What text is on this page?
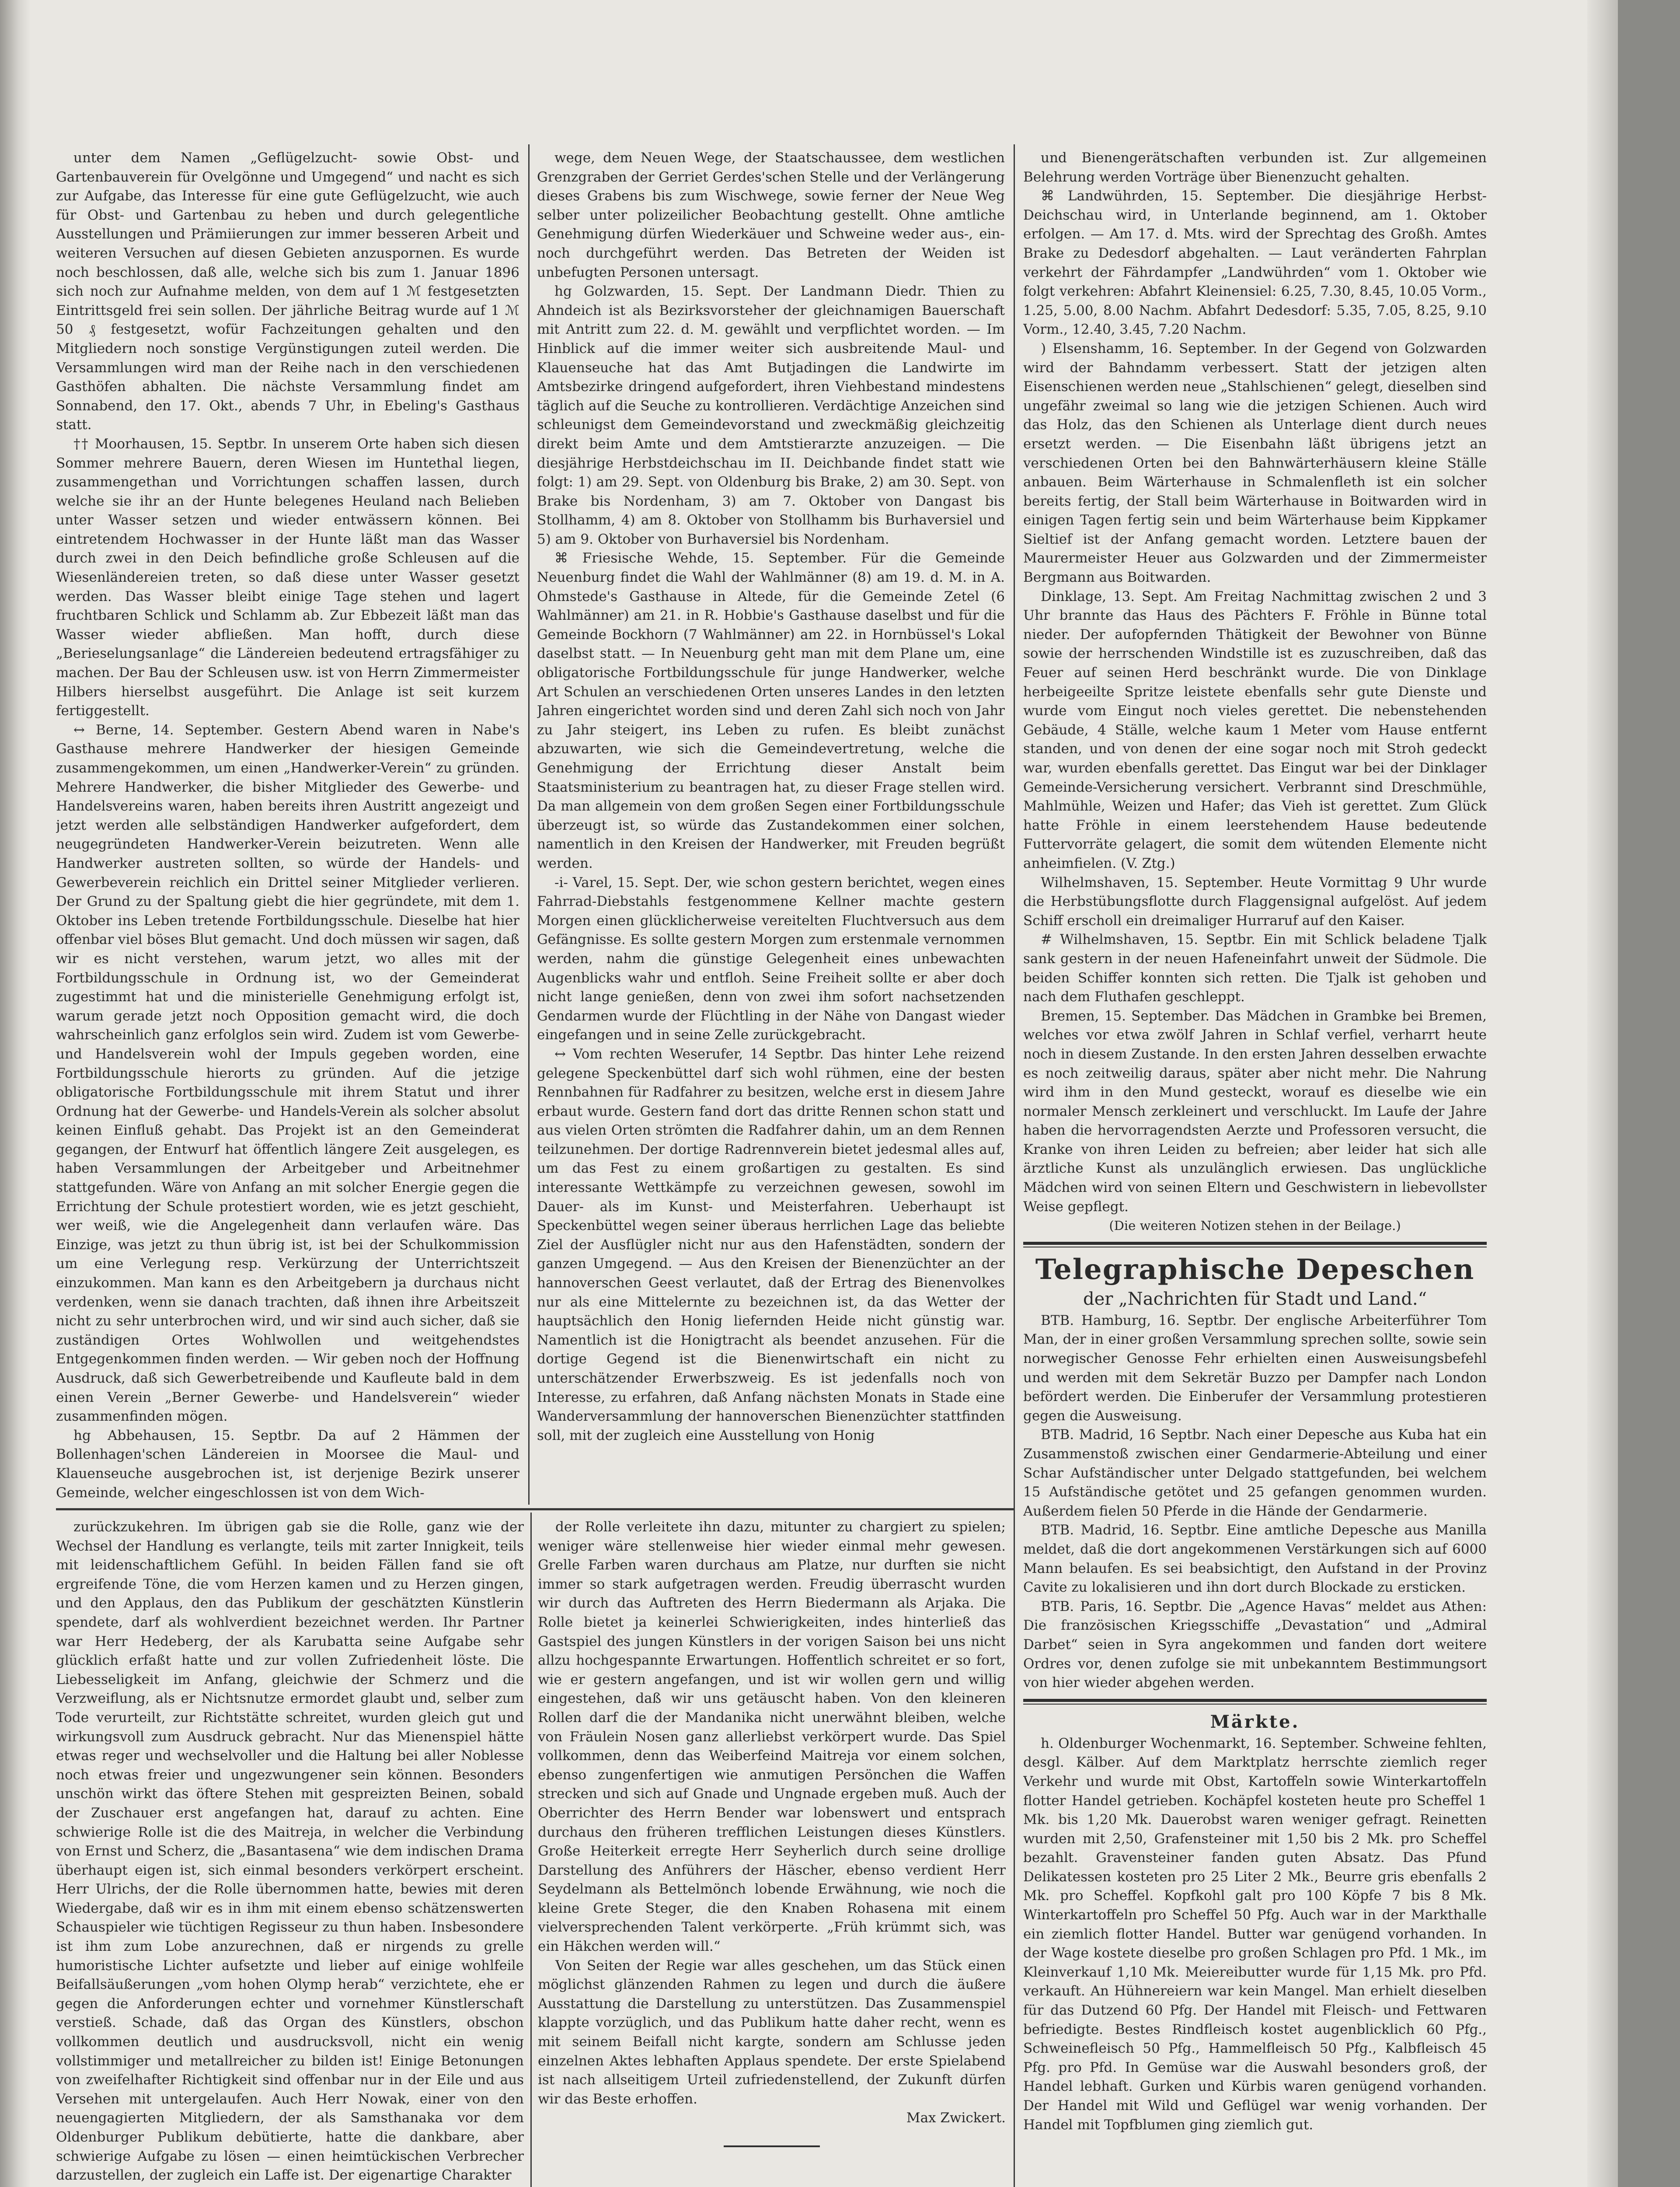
unter dem Namen „Geflügelzucht- sowie Obst- und Gartenbauverein für Ovelgönne und Umgegend“ und nacht es sich zur Aufgabe, das Interesse für eine gute Geflügelzucht, wie auch für Obst- und Gartenbau zu heben und durch gelegentliche Ausstellungen und Prämiierungen zur immer besseren Arbeit und weiteren Versuchen auf diesen Gebieten anzuspornen. Es wurde noch beschlossen, daß alle, welche sich bis zum 1. Januar 1896 sich noch zur Aufnahme melden, von dem auf 1 ℳ festgesetzten Eintrittsgeld frei sein sollen. Der jährliche Beitrag wurde auf 1 ℳ 50 ₰ festgesetzt, wofür Fachzeitungen gehalten und den Mitgliedern noch sonstige Vergünstigungen zuteil werden. Die Versammlungen wird man der Reihe nach in den verschiedenen Gasthöfen abhalten. Die nächste Versammlung findet am Sonnabend, den 17. Okt., abends 7 Uhr, in Ebeling's Gasthaus statt.

†† Moorhausen, 15. Septbr. In unserem Orte haben sich diesen Sommer mehrere Bauern, deren Wiesen im Huntethal liegen, zusammengethan und Vorrichtungen schaffen lassen, durch welche sie ihr an der Hunte belegenes Heuland nach Belieben unter Wasser setzen und wieder entwässern können. Bei eintretendem Hochwasser in der Hunte läßt man das Wasser durch zwei in den Deich befindliche große Schleusen auf die Wiesenländereien treten, so daß diese unter Wasser gesetzt werden. Das Wasser bleibt einige Tage stehen und lagert fruchtbaren Schlick und Schlamm ab. Zur Ebbezeit läßt man das Wasser wieder abfließen. Man hofft, durch diese „Berieselungsanlage“ die Ländereien bedeutend ertragsfähiger zu machen. Der Bau der Schleusen usw. ist von Herrn Zimmermeister Hilbers hierselbst ausgeführt. Die Anlage ist seit kurzem fertiggestellt.

↔ Berne, 14. September. Gestern Abend waren in Nabe's Gasthause mehrere Handwerker der hiesigen Gemeinde zusammengekommen, um einen „Handwerker-Verein“ zu gründen. Mehrere Handwerker, die bisher Mitglieder des Gewerbe- und Handelsvereins waren, haben bereits ihren Austritt angezeigt und jetzt werden alle selbständigen Handwerker aufgefordert, dem neugegründeten Handwerker-Verein beizutreten. Wenn alle Handwerker austreten sollten, so würde der Handels- und Gewerbeverein reichlich ein Drittel seiner Mitglieder verlieren. Der Grund zu der Spaltung giebt die hier gegründete, mit dem 1. Oktober ins Leben tretende Fortbildungsschule. Dieselbe hat hier offenbar viel böses Blut gemacht. Und doch müssen wir sagen, daß wir es nicht verstehen, warum jetzt, wo alles mit der Fortbildungsschule in Ordnung ist, wo der Gemeinderat zugestimmt hat und die ministerielle Genehmigung erfolgt ist, warum gerade jetzt noch Opposition gemacht wird, die doch wahrscheinlich ganz erfolglos sein wird. Zudem ist vom Gewerbe- und Handelsverein wohl der Impuls gegeben worden, eine Fortbildungsschule hierorts zu gründen. Auf die jetzige obligatorische Fortbildungsschule mit ihrem Statut und ihrer Ordnung hat der Gewerbe- und Handels-Verein als solcher absolut keinen Einfluß gehabt. Das Projekt ist an den Gemeinderat gegangen, der Entwurf hat öffentlich längere Zeit ausgelegen, es haben Versammlungen der Arbeitgeber und Arbeitnehmer stattgefunden. Wäre von Anfang an mit solcher Energie gegen die Errichtung der Schule protestiert worden, wie es jetzt geschieht, wer weiß, wie die Angelegenheit dann verlaufen wäre. Das Einzige, was jetzt zu thun übrig ist, ist bei der Schulkommission um eine Verlegung resp. Verkürzung der Unterrichtszeit einzukommen. Man kann es den Arbeitgebern ja durchaus nicht verdenken, wenn sie danach trachten, daß ihnen ihre Arbeitszeit nicht zu sehr unterbrochen wird, und wir sind auch sicher, daß sie zuständigen Ortes Wohlwollen und weitgehendstes Entgegenkommen finden werden. — Wir geben noch der Hoffnung Ausdruck, daß sich Gewerbetreibende und Kaufleute bald in dem einen Verein „Berner Gewerbe- und Handelsverein“ wieder zusammenfinden mögen.

hg Abbehausen, 15. Septbr. Da auf 2 Hämmen der Bollenhagen'schen Ländereien in Moorsee die Maul- und Klauenseuche ausgebrochen ist, ist derjenige Bezirk unserer Gemeinde, welcher eingeschlossen ist von dem Wich-

wege, dem Neuen Wege, der Staatschaussee, dem westlichen Grenzgraben der Gerriet Gerdes'schen Stelle und der Verlängerung dieses Grabens bis zum Wischwege, sowie ferner der Neue Weg selber unter polizeilicher Beobachtung gestellt. Ohne amtliche Genehmigung dürfen Wiederkäuer und Schweine weder aus-, ein- noch durchgeführt werden. Das Betreten der Weiden ist unbefugten Personen untersagt.

hg Golzwarden, 15. Sept. Der Landmann Diedr. Thien zu Ahndeich ist als Bezirksvorsteher der gleichnamigen Bauerschaft mit Antritt zum 22. d. M. gewählt und verpflichtet worden. — Im Hinblick auf die immer weiter sich ausbreitende Maul- und Klauenseuche hat das Amt Butjadingen die Landwirte im Amtsbezirke dringend aufgefordert, ihren Viehbestand mindestens täglich auf die Seuche zu kontrollieren. Verdächtige Anzeichen sind schleunigst dem Gemeindevorstand und zweckmäßig gleichzeitig direkt beim Amte und dem Amtstierarzte anzuzeigen. — Die diesjährige Herbstdeichschau im II. Deichbande findet statt wie folgt: 1) am 29. Sept. von Oldenburg bis Brake, 2) am 30. Sept. von Brake bis Nordenham, 3) am 7. Oktober von Dangast bis Stollhamm, 4) am 8. Oktober von Stollhamm bis Burhaversiel und 5) am 9. Oktober von Burhaversiel bis Nordenham.

⌘ Friesische Wehde, 15. September. Für die Gemeinde Neuenburg findet die Wahl der Wahlmänner (8) am 19. d. M. in A. Ohmstede's Gasthause in Altede, für die Gemeinde Zetel (6 Wahlmänner) am 21. in R. Hobbie's Gasthause daselbst und für die Gemeinde Bockhorn (7 Wahlmänner) am 22. in Hornbüssel's Lokal daselbst statt. — In Neuenburg geht man mit dem Plane um, eine obligatorische Fortbildungsschule für junge Handwerker, welche Art Schulen an verschiedenen Orten unseres Landes in den letzten Jahren eingerichtet worden sind und deren Zahl sich noch von Jahr zu Jahr steigert, ins Leben zu rufen. Es bleibt zunächst abzuwarten, wie sich die Gemeindevertretung, welche die Genehmigung der Errichtung dieser Anstalt beim Staatsministerium zu beantragen hat, zu dieser Frage stellen wird. Da man allgemein von dem großen Segen einer Fortbildungsschule überzeugt ist, so würde das Zustandekommen einer solchen, namentlich in den Kreisen der Handwerker, mit Freuden begrüßt werden.

-i- Varel, 15. Sept. Der, wie schon gestern berichtet, wegen eines Fahrrad-Diebstahls festgenommene Kellner machte gestern Morgen einen glücklicherweise vereitelten Fluchtversuch aus dem Gefängnisse. Es sollte gestern Morgen zum erstenmale vernommen werden, nahm die günstige Gelegenheit eines unbewachten Augenblicks wahr und entfloh. Seine Freiheit sollte er aber doch nicht lange genießen, denn von zwei ihm sofort nachsetzenden Gendarmen wurde der Flüchtling in der Nähe von Dangast wieder eingefangen und in seine Zelle zurückgebracht.

↔ Vom rechten Weserufer, 14 Septbr. Das hinter Lehe reizend gelegene Speckenbüttel darf sich wohl rühmen, eine der besten Rennbahnen für Radfahrer zu besitzen, welche erst in diesem Jahre erbaut wurde. Gestern fand dort das dritte Rennen schon statt und aus vielen Orten strömten die Radfahrer dahin, um an dem Rennen teilzunehmen. Der dortige Radrennverein bietet jedesmal alles auf, um das Fest zu einem großartigen zu gestalten. Es sind interessante Wettkämpfe zu verzeichnen gewesen, sowohl im Dauer- als im Kunst- und Meisterfahren. Ueberhaupt ist Speckenbüttel wegen seiner überaus herrlichen Lage das beliebte Ziel der Ausflügler nicht nur aus den Hafenstädten, sondern der ganzen Umgegend. — Aus den Kreisen der Bienenzüchter an der hannoverschen Geest verlautet, daß der Ertrag des Bienenvolkes nur als eine Mittelernte zu bezeichnen ist, da das Wetter der hauptsächlich den Honig liefernden Heide nicht günstig war. Namentlich ist die Honigtracht als beendet anzusehen. Für die dortige Gegend ist die Bienenwirtschaft ein nicht zu unterschätzender Erwerbszweig. Es ist jedenfalls noch von Interesse, zu erfahren, daß Anfang nächsten Monats in Stade eine Wanderversammlung der hannoverschen Bienenzüchter stattfinden soll, mit der zugleich eine Ausstellung von Honig

und Bienengerätschaften verbunden ist. Zur allgemeinen Belehrung werden Vorträge über Bienenzucht gehalten.

⌘ Landwührden, 15. September. Die diesjährige Herbst-Deichschau wird, in Unterlande beginnend, am 1. Oktober erfolgen. — Am 17. d. Mts. wird der Sprechtag des Großh. Amtes Brake zu Dedesdorf abgehalten. — Laut veränderten Fahrplan verkehrt der Fährdampfer „Landwührden“ vom 1. Oktober wie folgt verkehren: Abfahrt Kleinensiel: 6.25, 7.30, 8.45, 10.05 Vorm., 1.25, 5.00, 8.00 Nachm. Abfahrt Dedesdorf: 5.35, 7.05, 8.25, 9.10 Vorm., 12.40, 3.45, 7.20 Nachm.

) Elsenshamm, 16. September. In der Gegend von Golzwarden wird der Bahndamm verbessert. Statt der jetzigen alten Eisenschienen werden neue „Stahlschienen“ gelegt, dieselben sind ungefähr zweimal so lang wie die jetzigen Schienen. Auch wird das Holz, das den Schienen als Unterlage dient durch neues ersetzt werden. — Die Eisenbahn läßt übrigens jetzt an verschiedenen Orten bei den Bahnwärterhäusern kleine Ställe anbauen. Beim Wärterhause in Schmalenfleth ist ein solcher bereits fertig, der Stall beim Wärterhause in Boitwarden wird in einigen Tagen fertig sein und beim Wärterhause beim Kippkamer Sieltief ist der Anfang gemacht worden. Letztere bauen der Maurermeister Heuer aus Golzwarden und der Zimmermeister Bergmann aus Boitwarden.

Dinklage, 13. Sept. Am Freitag Nachmittag zwischen 2 und 3 Uhr brannte das Haus des Pächters F. Fröhle in Bünne total nieder. Der aufopfernden Thätigkeit der Bewohner von Bünne sowie der herrschenden Windstille ist es zuzuschreiben, daß das Feuer auf seinen Herd beschränkt wurde. Die von Dinklage herbeigeeilte Spritze leistete ebenfalls sehr gute Dienste und wurde vom Eingut noch vieles gerettet. Die nebenstehenden Gebäude, 4 Ställe, welche kaum 1 Meter vom Hause entfernt standen, und von denen der eine sogar noch mit Stroh gedeckt war, wurden ebenfalls gerettet. Das Eingut war bei der Dinklager Gemeinde-Versicherung versichert. Verbrannt sind Dreschmühle, Mahlmühle, Weizen und Hafer; das Vieh ist gerettet. Zum Glück hatte Fröhle in einem leerstehendem Hause bedeutende Futtervorräte gelagert, die somit dem wütenden Elemente nicht anheimfielen. (V. Ztg.)

Wilhelmshaven, 15. September. Heute Vormittag 9 Uhr wurde die Herbstübungsflotte durch Flaggensignal aufgelöst. Auf jedem Schiff erscholl ein dreimaliger Hurraruf auf den Kaiser.

# Wilhelmshaven, 15. Septbr. Ein mit Schlick beladene Tjalk sank gestern in der neuen Hafeneinfahrt unweit der Südmole. Die beiden Schiffer konnten sich retten. Die Tjalk ist gehoben und nach dem Fluthafen geschleppt.

Bremen, 15. September. Das Mädchen in Grambke bei Bremen, welches vor etwa zwölf Jahren in Schlaf verfiel, verharrt heute noch in diesem Zustande. In den ersten Jahren desselben erwachte es noch zeitweilig daraus, später aber nicht mehr. Die Nahrung wird ihm in den Mund gesteckt, worauf es dieselbe wie ein normaler Mensch zerkleinert und verschluckt. Im Laufe der Jahre haben die hervorragendsten Aerzte und Professoren versucht, die Kranke von ihren Leiden zu befreien; aber leider hat sich alle ärztliche Kunst als unzulänglich erwiesen. Das unglückliche Mädchen wird von seinen Eltern und Geschwistern in liebevollster Weise gepflegt.

(Die weiteren Notizen stehen in der Beilage.)

Telegraphische Depeschen

der „Nachrichten für Stadt und Land.“

BTB. Hamburg, 16. Septbr. Der englische Arbeiterführer Tom Man, der in einer großen Versammlung sprechen sollte, sowie sein norwegischer Genosse Fehr erhielten einen Ausweisungsbefehl und werden mit dem Sekretär Buzzo per Dampfer nach London befördert werden. Die Einberufer der Versammlung protestieren gegen die Ausweisung.

BTB. Madrid, 16 Septbr. Nach einer Depesche aus Kuba hat ein Zusammenstoß zwischen einer Gendarmerie-Abteilung und einer Schar Aufständischer unter Delgado stattgefunden, bei welchem 15 Aufständische getötet und 25 gefangen genommen wurden. Außerdem fielen 50 Pferde in die Hände der Gendarmerie.

BTB. Madrid, 16. Septbr. Eine amtliche Depesche aus Manilla meldet, daß die dort angekommenen Verstärkungen sich auf 6000 Mann belaufen. Es sei beabsichtigt, den Aufstand in der Provinz Cavite zu lokalisieren und ihn dort durch Blockade zu ersticken.

BTB. Paris, 16. Septbr. Die „Agence Havas“ meldet aus Athen: Die französischen Kriegsschiffe „Devastation“ und „Admiral Darbet“ seien in Syra angekommen und fanden dort weitere Ordres vor, denen zufolge sie mit unbekanntem Bestimmungsort von hier wieder abgehen werden.

Märkte.

h. Oldenburger Wochenmarkt, 16. September. Schweine fehlten, desgl. Kälber. Auf dem Marktplatz herrschte ziemlich reger Verkehr und wurde mit Obst, Kartoffeln sowie Winterkartoffeln flotter Handel getrieben. Kochäpfel kosteten heute pro Scheffel 1 Mk. bis 1,20 Mk. Dauerobst waren weniger gefragt. Reinetten wurden mit 2,50, Grafensteiner mit 1,50 bis 2 Mk. pro Scheffel bezahlt. Gravensteiner fanden guten Absatz. Das Pfund Delikatessen kosteten pro 25 Liter 2 Mk., Beurre gris ebenfalls 2 Mk. pro Scheffel. Kopfkohl galt pro 100 Köpfe 7 bis 8 Mk. Winterkartoffeln pro Scheffel 50 Pfg. Auch war in der Markthalle ein ziemlich flotter Handel. Butter war genügend vorhanden. In der Wage kostete dieselbe pro großen Schlagen pro Pfd. 1 Mk., im Kleinverkauf 1,10 Mk. Meiereibutter wurde für 1,15 Mk. pro Pfd. verkauft. An Hühnereiern war kein Mangel. Man erhielt dieselben für das Dutzend 60 Pfg. Der Handel mit Fleisch- und Fettwaren befriedigte. Bestes Rindfleisch kostet augenblicklich 60 Pfg., Schweinefleisch 50 Pfg., Hammelfleisch 50 Pfg., Kalbfleisch 45 Pfg. pro Pfd. In Gemüse war die Auswahl besonders groß, der Handel lebhaft. Gurken und Kürbis waren genügend vorhanden. Der Handel mit Wild und Geflügel war wenig vorhanden. Der Handel mit Topfblumen ging ziemlich gut.

zurückzukehren. Im übrigen gab sie die Rolle, ganz wie der Wechsel der Handlung es verlangte, teils mit zarter Innigkeit, teils mit leidenschaftlichem Gefühl. In beiden Fällen fand sie oft ergreifende Töne, die vom Herzen kamen und zu Herzen gingen, und den Applaus, den das Publikum der geschätzten Künstlerin spendete, darf als wohlverdient bezeichnet werden. Ihr Partner war Herr Hedeberg, der als Karubatta seine Aufgabe sehr glücklich erfaßt hatte und zur vollen Zufriedenheit löste. Die Liebesseligkeit im Anfang, gleichwie der Schmerz und die Verzweiflung, als er Nichtsnutze ermordet glaubt und, selber zum Tode verurteilt, zur Richtstätte schreitet, wurden gleich gut und wirkungsvoll zum Ausdruck gebracht. Nur das Mienenspiel hätte etwas reger und wechselvoller und die Haltung bei aller Noblesse noch etwas freier und ungezwungener sein können. Besonders unschön wirkt das öftere Stehen mit gespreizten Beinen, sobald der Zuschauer erst angefangen hat, darauf zu achten. Eine schwierige Rolle ist die des Maitreja, in welcher die Verbindung von Ernst und Scherz, die „Basantasena“ wie dem indischen Drama überhaupt eigen ist, sich einmal besonders verkörpert erscheint. Herr Ulrichs, der die Rolle übernommen hatte, bewies mit deren Wiedergabe, daß wir es in ihm mit einem ebenso schätzenswerten Schauspieler wie tüchtigen Regisseur zu thun haben. Insbesondere ist ihm zum Lobe anzurechnen, daß er nirgends zu grelle humoristische Lichter aufsetzte und lieber auf einige wohlfeile Beifallsäußerungen „vom hohen Olymp herab“ verzichtete, ehe er gegen die Anforderungen echter und vornehmer Künstlerschaft verstieß. Schade, daß das Organ des Künstlers, obschon vollkommen deutlich und ausdrucksvoll, nicht ein wenig vollstimmiger und metallreicher zu bilden ist! Einige Betonungen von zweifelhafter Richtigkeit sind offenbar nur in der Eile und aus Versehen mit untergelaufen. Auch Herr Nowak, einer von den neuengagierten Mitgliedern, der als Samsthanaka vor dem Oldenburger Publikum debütierte, hatte die dankbare, aber schwierige Aufgabe zu lösen — einen heimtückischen Verbrecher darzustellen, der zugleich ein Laffe ist. Der eigenartige Charakter

der Rolle verleitete ihn dazu, mitunter zu chargiert zu spielen; weniger wäre stellenweise hier wieder einmal mehr gewesen. Grelle Farben waren durchaus am Platze, nur durften sie nicht immer so stark aufgetragen werden. Freudig überrascht wurden wir durch das Auftreten des Herrn Biedermann als Arjaka. Die Rolle bietet ja keinerlei Schwierigkeiten, indes hinterließ das Gastspiel des jungen Künstlers in der vorigen Saison bei uns nicht allzu hochgespannte Erwartungen. Hoffentlich schreitet er so fort, wie er gestern angefangen, und ist wir wollen gern und willig eingestehen, daß wir uns getäuscht haben. Von den kleineren Rollen darf die der Mandanika nicht unerwähnt bleiben, welche von Fräulein Nosen ganz allerliebst verkörpert wurde. Das Spiel vollkommen, denn das Weiberfeind Maitreja vor einem solchen, ebenso zungenfertigen wie anmutigen Persönchen die Waffen strecken und sich auf Gnade und Ungnade ergeben muß. Auch der Oberrichter des Herrn Bender war lobenswert und entsprach durchaus den früheren trefflichen Leistungen dieses Künstlers. Große Heiterkeit erregte Herr Seyherlich durch seine drollige Darstellung des Anführers der Häscher, ebenso verdient Herr Seydelmann als Bettelmönch lobende Erwähnung, wie noch die kleine Grete Steger, die den Knaben Rohasena mit einem vielversprechenden Talent verkörperte. „Früh krümmt sich, was ein Häkchen werden will.“

Von Seiten der Regie war alles geschehen, um das Stück einen möglichst glänzenden Rahmen zu legen und durch die äußere Ausstattung die Darstellung zu unterstützen. Das Zusammenspiel klappte vorzüglich, und das Publikum hatte daher recht, wenn es mit seinem Beifall nicht kargte, sondern am Schlusse jeden einzelnen Aktes lebhaften Applaus spendete. Der erste Spielabend ist nach allseitigem Urteil zufriedenstellend, der Zukunft dürfen wir das Beste erhoffen.

Max Zwickert.
